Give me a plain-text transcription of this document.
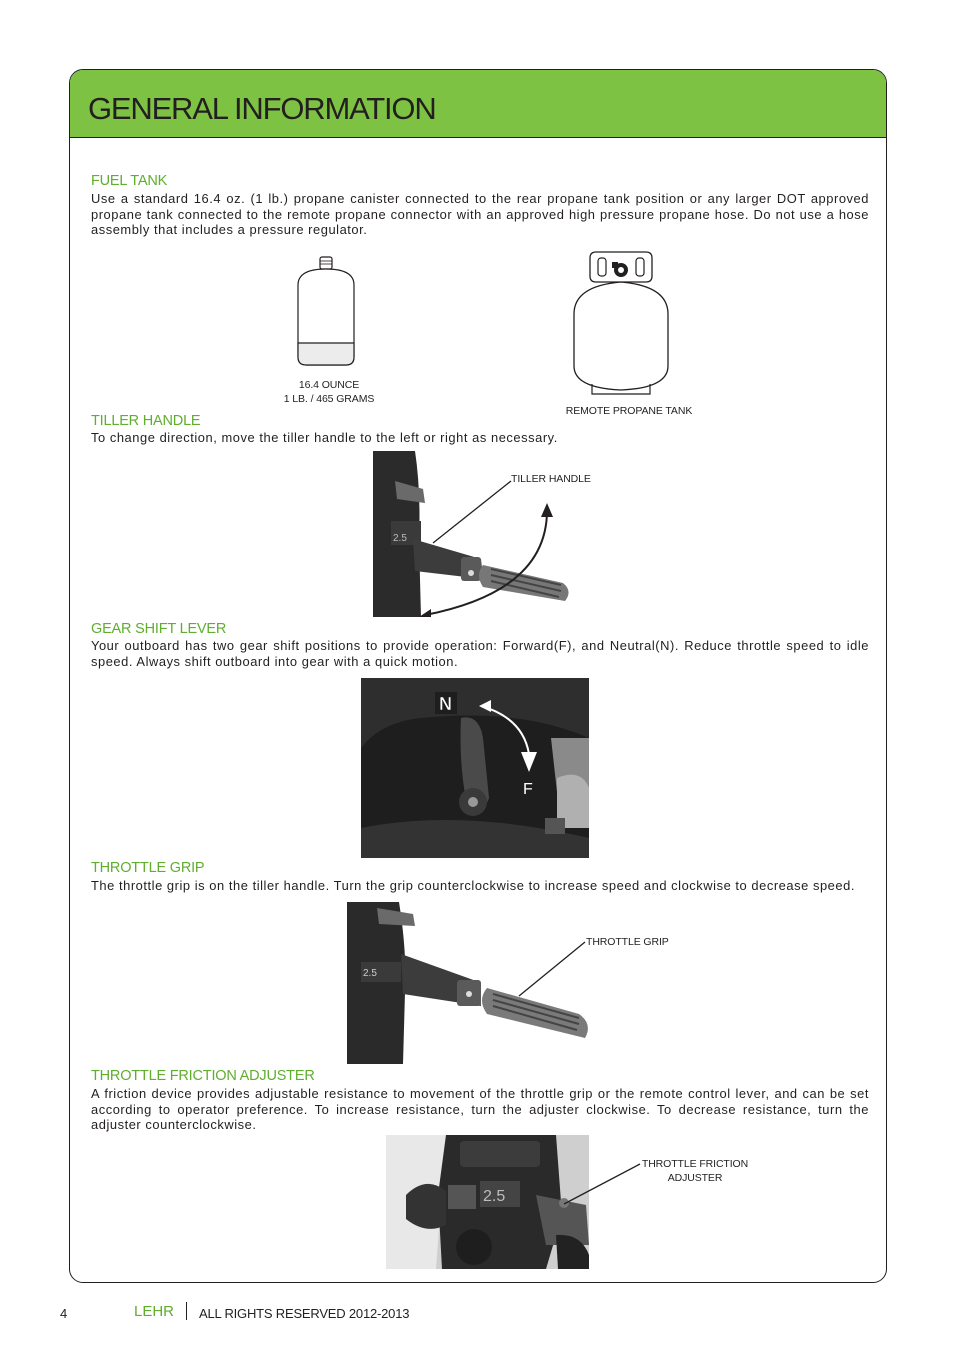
GENERAL INFORMATION
FUEL TANK
Use a standard 16.4 oz. (1 lb.) propane canister connected to the rear propane tank position or any larger DOT approved propane tank connected to the remote propane connector with an approved high pressure propane hose. Do not use a hose assembly that includes a pressure regulator.
16.4 OUNCE
1 LB. / 465 GRAMS
REMOTE PROPANE TANK
TILLER HANDLE
To change direction, move the tiller handle to the left or right as necessary.
2.5
TILLER HANDLE
GEAR SHIFT LEVER
Your outboard has two gear shift positions to provide operation: Forward(F), and Neutral(N). Reduce throttle speed to idle speed. Always shift outboard into gear with a quick motion.
N
F
THROTTLE GRIP
The throttle grip is on the tiller handle. Turn the grip counterclockwise to increase speed and clockwise to decrease speed.
2.5
THROTTLE GRIP
THROTTLE FRICTION ADJUSTER
A friction device provides adjustable resistance to movement of the throttle grip or the remote control lever, and can be set according to operator preference. To increase resistance, turn the adjuster clockwise. To decrease resistance, turn the adjuster counterclockwise.
2.5
THROTTLE FRICTION
ADJUSTER
4	LEHR ALL RIGHTS RESERVED 2012-2013
